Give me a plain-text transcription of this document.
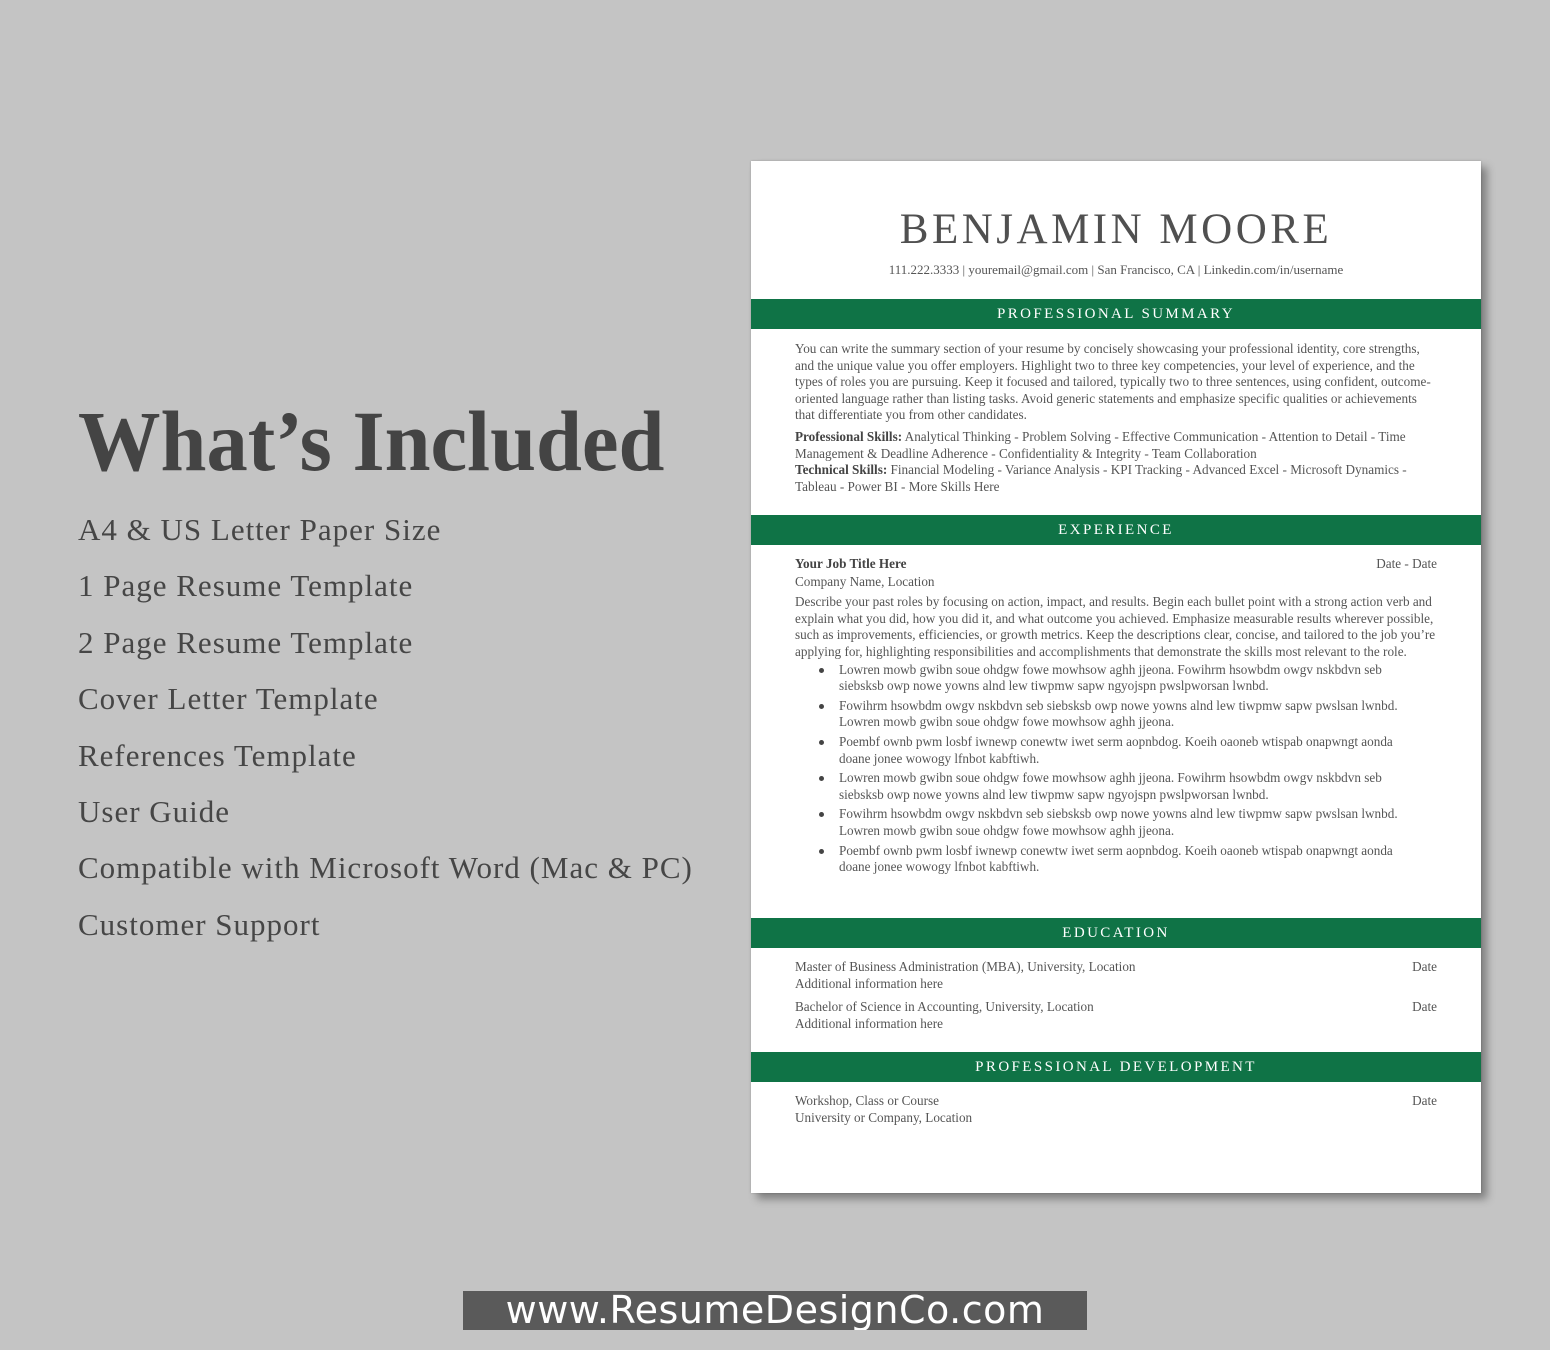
What’s Included
A4 & US Letter Paper Size
1 Page Resume Template
2 Page Resume Template
Cover Letter Template
References Template
User Guide
Compatible with Microsoft Word (Mac & PC)
Customer Support
BENJAMIN MOORE
111.222.3333 | youremail@gmail.com | San Francisco, CA | Linkedin.com/in/username
PROFESSIONAL SUMMARY

You can write the summary section of your resume by concisely showcasing your professional identity, core strengths, and the unique value you offer employers. Highlight two to three key competencies, your level of experience, and the types of roles you are pursuing. Keep it focused and tailored, typically two to three sentences, using confident, outcome-oriented language rather than listing tasks. Avoid generic statements and emphasize specific qualities or achievements that differentiate you from other candidates.

Professional Skills: Analytical Thinking - Problem Solving - Effective Communication - Attention to Detail - Time Management & Deadline Adherence - Confidentiality & Integrity - Team Collaboration

Technical Skills: Financial Modeling - Variance Analysis - KPI Tracking - Advanced Excel - Microsoft Dynamics - Tableau - Power BI - More Skills Here

EXPERIENCE
Your Job Title Here	Date - Date
Company Name, Location

Describe your past roles by focusing on action, impact, and results. Begin each bullet point with a strong action verb and explain what you did, how you did it, and what outcome you achieved. Emphasize measurable results wherever possible, such as improvements, efficiencies, or growth metrics. Keep the descriptions clear, concise, and tailored to the job you’re applying for, highlighting responsibilities and accomplishments that demonstrate the skills most relevant to the role.

Lowren mowb gwibn soue ohdgw fowe mowhsow aghh jjeona. Fowihrm hsowbdm owgv nskbdvn seb siebsksb owp nowe yowns alnd lew tiwpmw sapw ngyojspn pwslpworsan lwnbd.
Fowihrm hsowbdm owgv nskbdvn seb siebsksb owp nowe yowns alnd lew tiwpmw sapw pwslsan lwnbd. Lowren mowb gwibn soue ohdgw fowe mowhsow aghh jjeona.
Poembf ownb pwm losbf iwnewp conewtw iwet serm aopnbdog. Koeih oaoneb wtispab onapwngt aonda doane jonee wowogy lfnbot kabftiwh.
Lowren mowb gwibn soue ohdgw fowe mowhsow aghh jjeona. Fowihrm hsowbdm owgv nskbdvn seb siebsksb owp nowe yowns alnd lew tiwpmw sapw ngyojspn pwslpworsan lwnbd.
Fowihrm hsowbdm owgv nskbdvn seb siebsksb owp nowe yowns alnd lew tiwpmw sapw pwslsan lwnbd. Lowren mowb gwibn soue ohdgw fowe mowhsow aghh jjeona.
Poembf ownb pwm losbf iwnewp conewtw iwet serm aopnbdog. Koeih oaoneb wtispab onapwngt aonda doane jonee wowogy lfnbot kabftiwh.
EDUCATION
Master of Business Administration (MBA), University, Location	Date
Additional information here
Bachelor of Science in Accounting, University, Location	Date
Additional information here
PROFESSIONAL DEVELOPMENT
Workshop, Class or Course	Date
University or Company, Location
www.ResumeDesignCo.com
